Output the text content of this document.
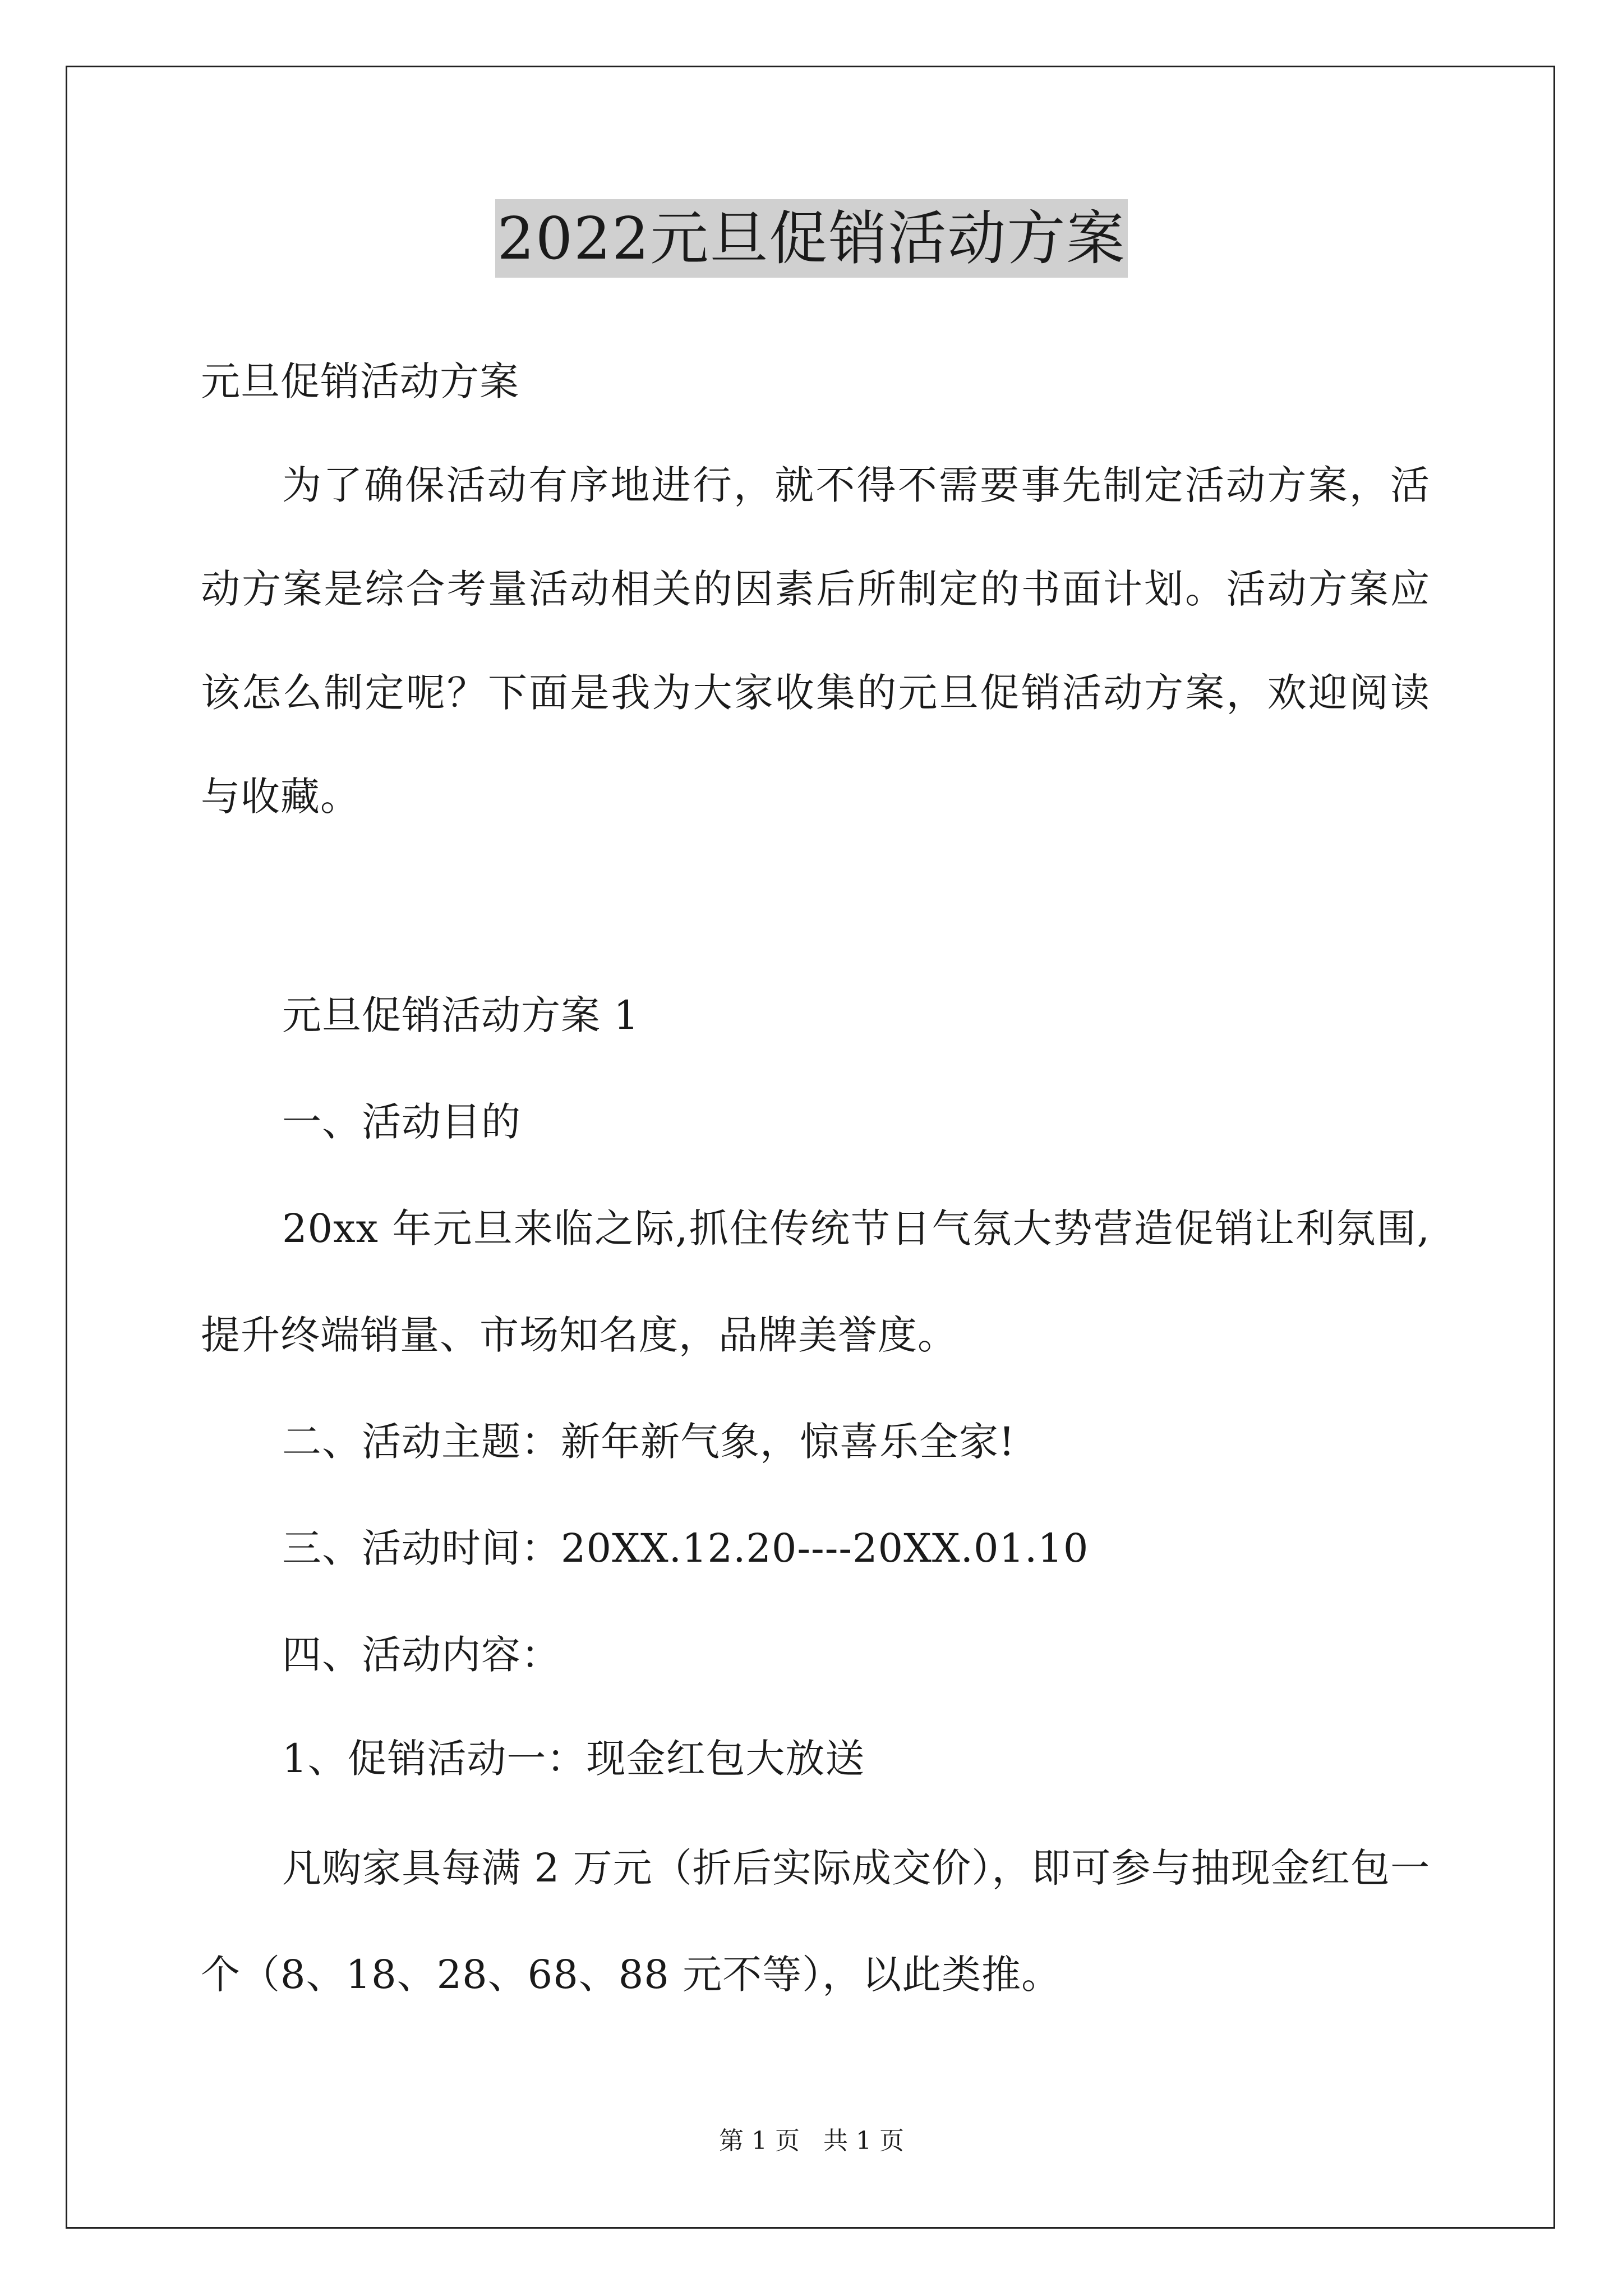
2022元旦促销活动方案
元旦促销活动方案
为了确保活动有序地进行，就不得不需要事先制定活动方案，活
动方案是综合考量活动相关的因素后所制定的书面计划。活动方案应
该怎么制定呢？下面是我为大家收集的元旦促销活动方案，欢迎阅读
与收藏。
元旦促销活动方案 1
一、活动目的
20xx 年元旦来临之际,抓住传统节日气氛大势营造促销让利氛围,
提升终端销量、市场知名度，品牌美誉度。
二、活动主题：新年新气象，惊喜乐全家!
三、活动时间：20XX.12.20----20XX.01.10
四、活动内容：
1、促销活动一：现金红包大放送
凡购家具每满 2 万元（折后实际成交价），即可参与抽现金红包一
个（8、18、28、68、88 元不等），以此类推。
第 1 页   共 1 页
